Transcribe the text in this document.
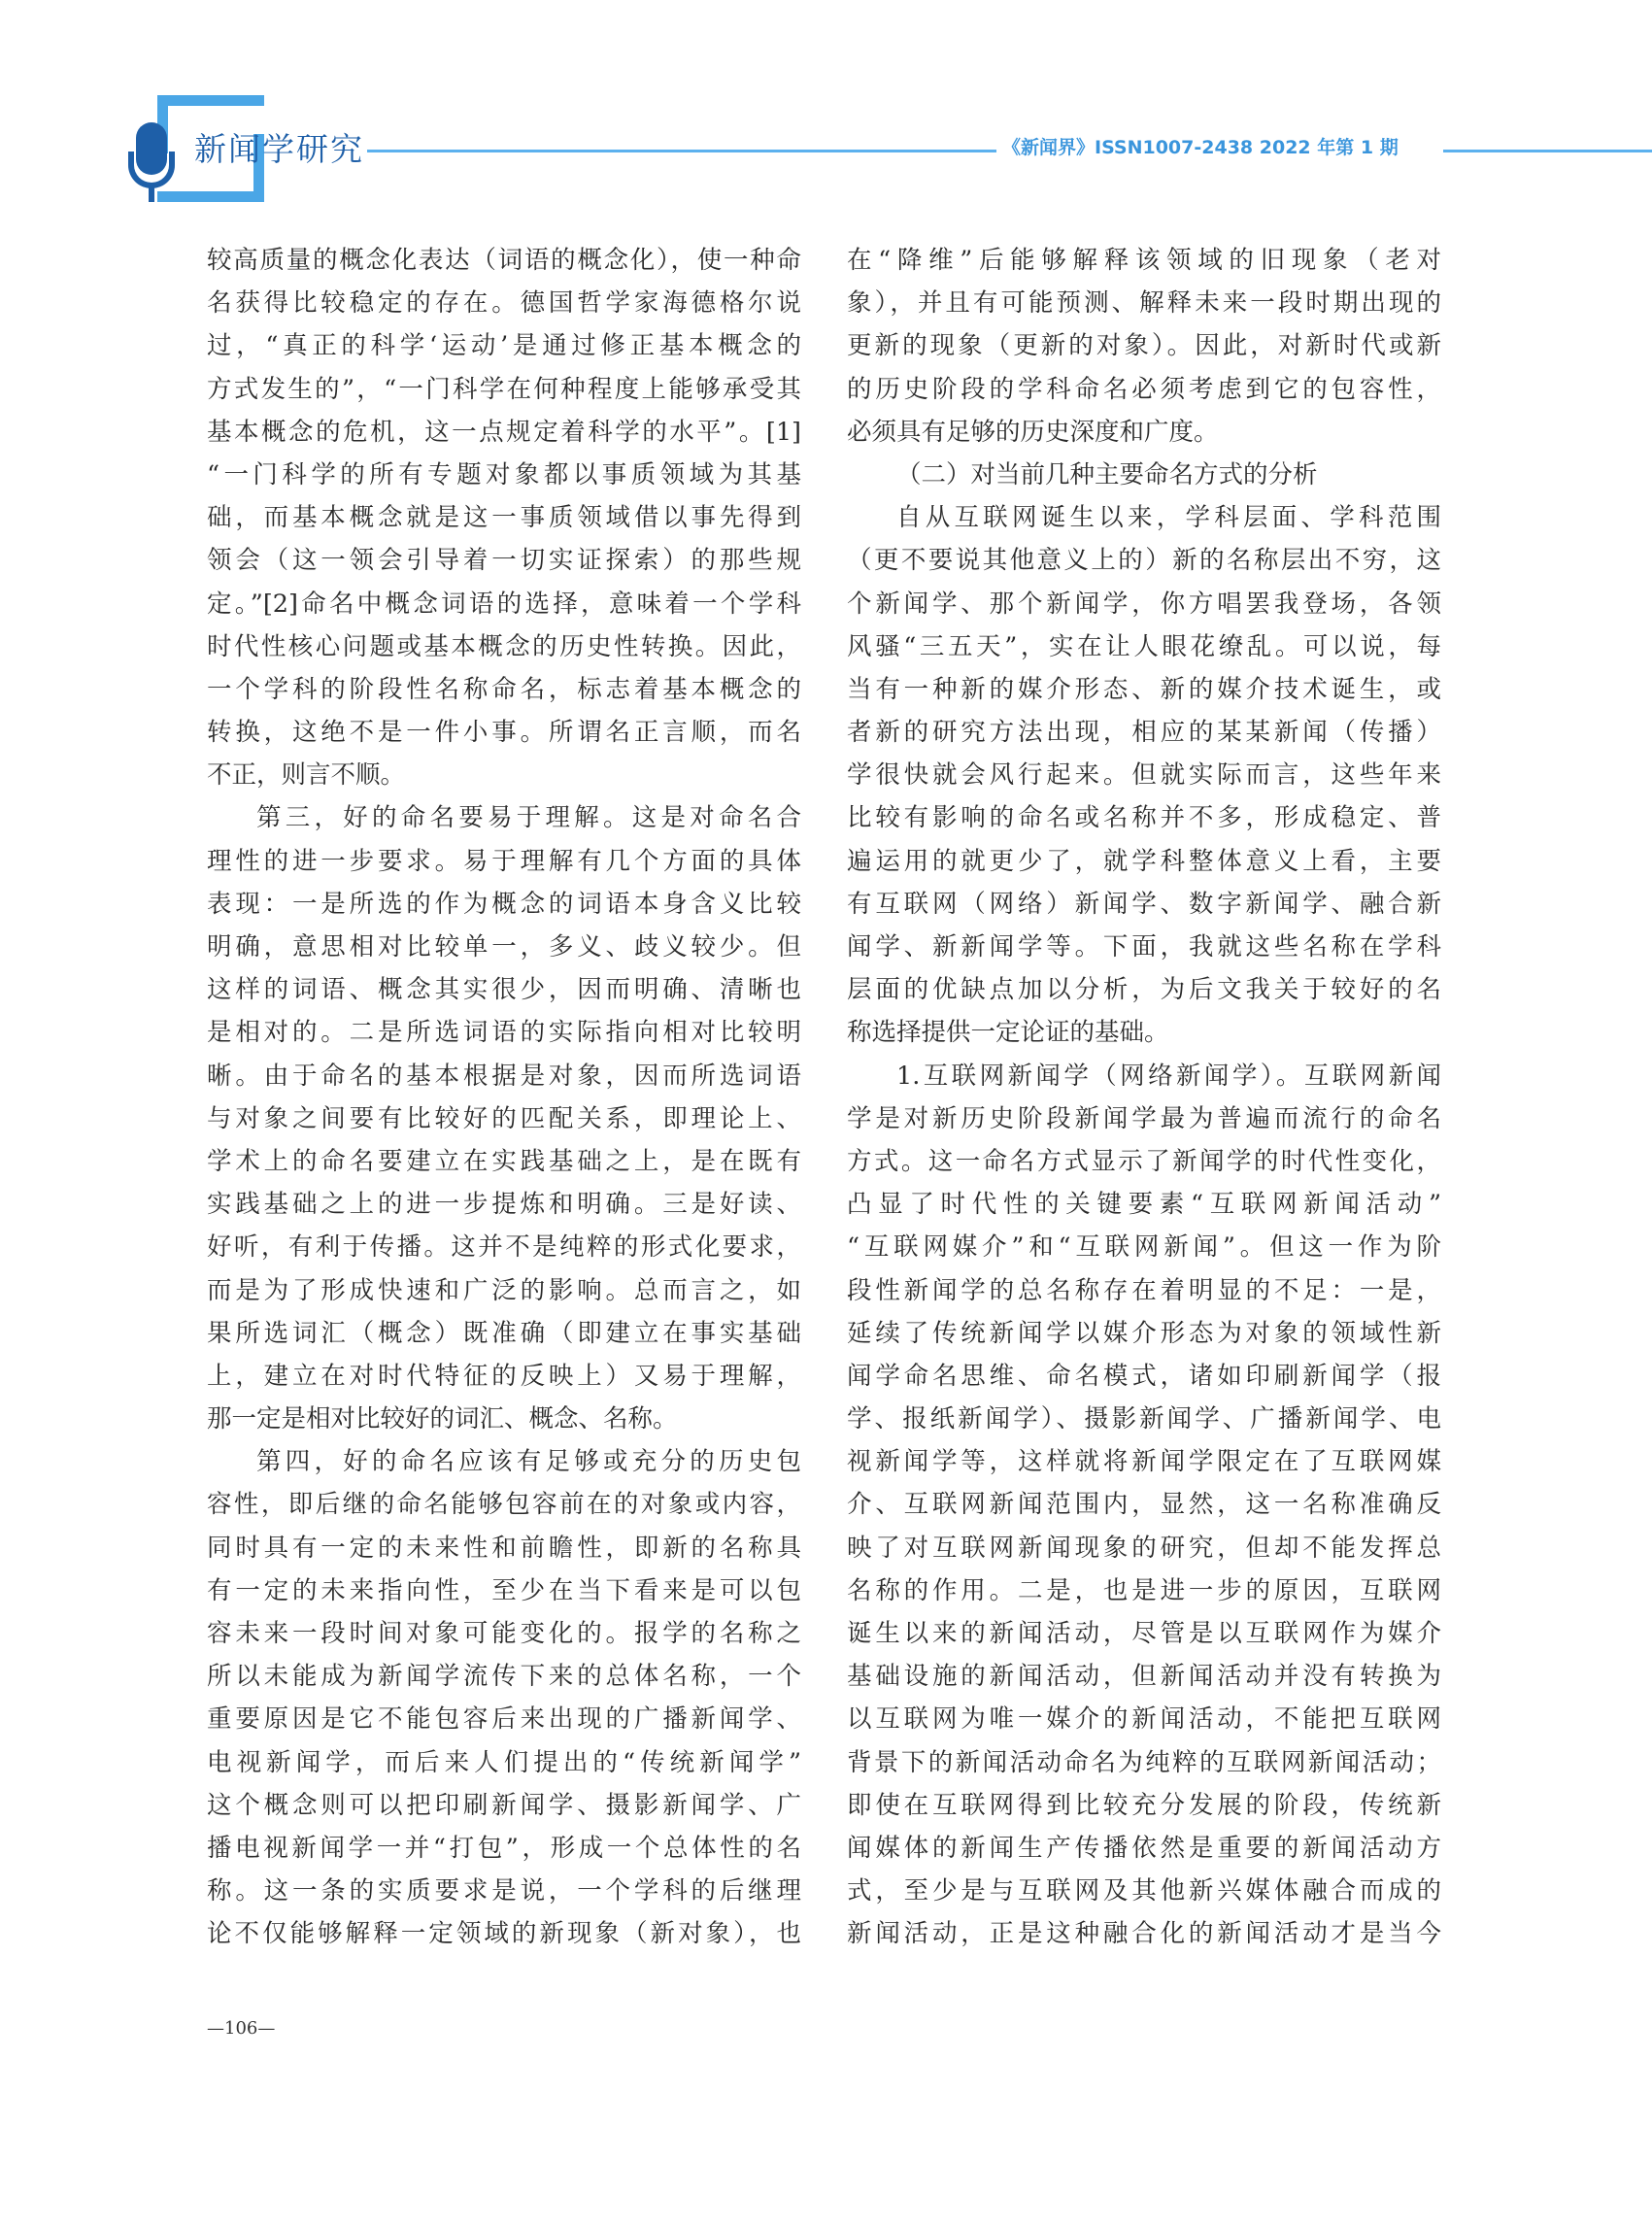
新闻学研究	《新闻界》ISSN1007-2438 2022 年第 1 期
较高质量的概念化表达（词语的概念化），使一种命
名获得比较稳定的存在。德国哲学家海德格尔说
过，“真正的科学‘运动’是通过修正基本概念的
方式发生的”，“一门科学在何种程度上能够承受其
基本概念的危机，这一点规定着科学的水平”。[1]
“一门科学的所有专题对象都以事质领域为其基
础，而基本概念就是这一事质领域借以事先得到
领会（这一领会引导着一切实证探索）的那些规
定。”[2]命名中概念词语的选择，意味着一个学科
时代性核心问题或基本概念的历史性转换。因此，
一个学科的阶段性名称命名，标志着基本概念的
转换，这绝不是一件小事。所谓名正言顺，而名
不正，则言不顺。
第三，好的命名要易于理解。这是对命名合
理性的进一步要求。易于理解有几个方面的具体
表现：一是所选的作为概念的词语本身含义比较
明确，意思相对比较单一，多义、歧义较少。但
这样的词语、概念其实很少，因而明确、清晰也
是相对的。二是所选词语的实际指向相对比较明
晰。由于命名的基本根据是对象，因而所选词语
与对象之间要有比较好的匹配关系，即理论上、
学术上的命名要建立在实践基础之上，是在既有
实践基础之上的进一步提炼和明确。三是好读、
好听，有利于传播。这并不是纯粹的形式化要求，
而是为了形成快速和广泛的影响。总而言之，如
果所选词汇（概念）既准确（即建立在事实基础
上，建立在对时代特征的反映上）又易于理解，
那一定是相对比较好的词汇、概念、名称。
第四，好的命名应该有足够或充分的历史包
容性，即后继的命名能够包容前在的对象或内容，
同时具有一定的未来性和前瞻性，即新的名称具
有一定的未来指向性，至少在当下看来是可以包
容未来一段时间对象可能变化的。报学的名称之
所以未能成为新闻学流传下来的总体名称，一个
重要原因是它不能包容后来出现的广播新闻学、
电视新闻学，而后来人们提出的“传统新闻学”
这个概念则可以把印刷新闻学、摄影新闻学、广
播电视新闻学一并“打包”，形成一个总体性的名
称。这一条的实质要求是说，一个学科的后继理
论不仅能够解释一定领域的新现象（新对象），也
在“降维”后能够解释该领域的旧现象（老对
象），并且有可能预测、解释未来一段时期出现的
更新的现象（更新的对象）。因此，对新时代或新
的历史阶段的学科命名必须考虑到它的包容性，
必须具有足够的历史深度和广度。
（二）对当前几种主要命名方式的分析
自从互联网诞生以来，学科层面、学科范围
（更不要说其他意义上的）新的名称层出不穷，这
个新闻学、那个新闻学，你方唱罢我登场，各领
风骚“三五天”，实在让人眼花缭乱。可以说，每
当有一种新的媒介形态、新的媒介技术诞生，或
者新的研究方法出现，相应的某某新闻（传播）
学很快就会风行起来。但就实际而言，这些年来
比较有影响的命名或名称并不多，形成稳定、普
遍运用的就更少了，就学科整体意义上看，主要
有互联网（网络）新闻学、数字新闻学、融合新
闻学、新新闻学等。下面，我就这些名称在学科
层面的优缺点加以分析，为后文我关于较好的名
称选择提供一定论证的基础。
1.互联网新闻学（网络新闻学）。互联网新闻
学是对新历史阶段新闻学最为普遍而流行的命名
方式。这一命名方式显示了新闻学的时代性变化，
凸显了时代性的关键要素“互联网新闻活动”
“互联网媒介”和“互联网新闻”。但这一作为阶
段性新闻学的总名称存在着明显的不足：一是，
延续了传统新闻学以媒介形态为对象的领域性新
闻学命名思维、命名模式，诸如印刷新闻学（报
学、报纸新闻学）、摄影新闻学、广播新闻学、电
视新闻学等，这样就将新闻学限定在了互联网媒
介、互联网新闻范围内，显然，这一名称准确反
映了对互联网新闻现象的研究，但却不能发挥总
名称的作用。二是，也是进一步的原因，互联网
诞生以来的新闻活动，尽管是以互联网作为媒介
基础设施的新闻活动，但新闻活动并没有转换为
以互联网为唯一媒介的新闻活动，不能把互联网
背景下的新闻活动命名为纯粹的互联网新闻活动；
即使在互联网得到比较充分发展的阶段，传统新
闻媒体的新闻生产传播依然是重要的新闻活动方
式，至少是与互联网及其他新兴媒体融合而成的
新闻活动，正是这种融合化的新闻活动才是当今
—106—
